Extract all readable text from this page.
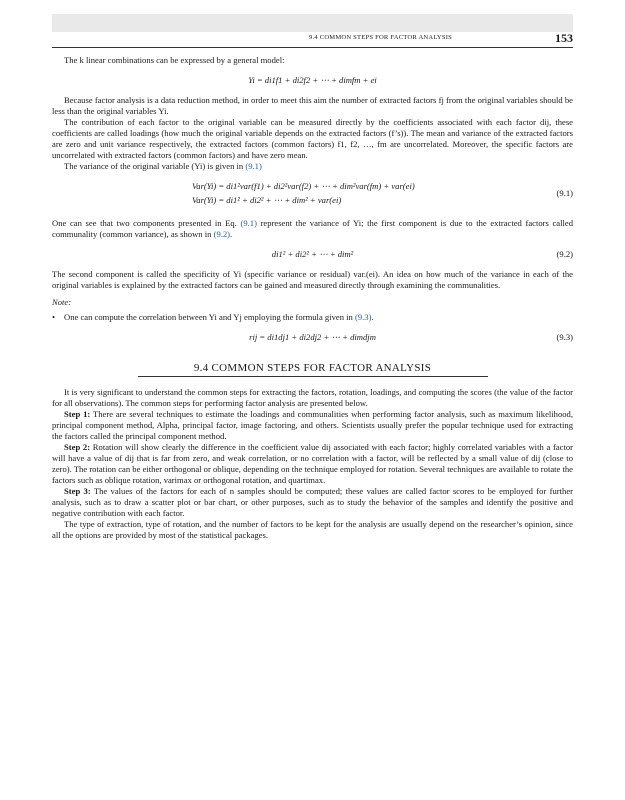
9.4 COMMON STEPS FOR FACTOR ANALYSIS	153

The k linear combinations can be expressed by a general model:

Yi = di1f1 + di2f2 + ⋯ + dimfm + ei

Because factor analysis is a data reduction method, in order to meet this aim the number of extracted factors fj from the original variables should be less than the original variables Yi.

The contribution of each factor to the original variable can be measured directly by the coefficients associated with each factor dij, these coefficients are called loadings (how much the original variable depends on the extracted factors (f’s)). The mean and variance of the extracted factors are zero and unit variance respectively, the extracted factors (common factors) f1, f2, …, fm are uncorrelated. Moreover, the specific factors are uncorrelated with extracted factors (common factors) and have zero mean.

The variance of the original variable (Yi) is given in (9.1)

Var(Yi) = di1²var(f1) + di2²var(f2) + ⋯ + dim²var(fm) + var(ei)
Var(Yi) = di1² + di2² + ⋯ + dim² + var(ei)
(9.1)

One can see that two components presented in Eq. (9.1) represent the variance of Yi; the first component is due to the extracted factors called communality (common variance), as shown in (9.2).

di1² + di2² + ⋯ + dim²	(9.2)

The second component is called the specificity of Yi (specific variance or residual) var.(ei). An idea on how much of the variance in each of the original variables is explained by the extracted factors can be gained and measured directly through examining the communalities.

Note:

•	One can compute the correlation between Yi and Yj employing the formula given in (9.3).
rij = di1dj1 + di2dj2 + ⋯ + dimdjm	(9.3)
9.4 COMMON STEPS FOR FACTOR ANALYSIS

It is very significant to understand the common steps for extracting the factors, rotation, loadings, and computing the scores (the value of the factor for all observations). The common steps for performing factor analysis are presented below.

Step 1: There are several techniques to estimate the loadings and communalities when performing factor analysis, such as maximum likelihood, principal component method, Alpha, principal factor, image factoring, and others. Scientists usually prefer the popular technique used for extracting the factors called the principal component method.

Step 2: Rotation will show clearly the difference in the coefficient value dij associated with each factor; highly correlated variables with a factor will have a value of dij that is far from zero, and weak correlation, or no correlation with a factor, will be reflected by a small value of dij (close to zero). The rotation can be either orthogonal or oblique, depending on the technique employed for rotation. Several techniques are available to rotate the factors such as oblique rotation, varimax or orthogonal rotation, and quartimax.

Step 3: The values of the factors for each of n samples should be computed; these values are called factor scores to be employed for further analysis, such as to draw a scatter plot or bar chart, or other purposes, such as to study the behavior of the samples and identify the positive and negative contribution with each factor.

The type of extraction, type of rotation, and the number of factors to be kept for the analysis are usually depend on the researcher’s opinion, since all the options are provided by most of the statistical packages.
